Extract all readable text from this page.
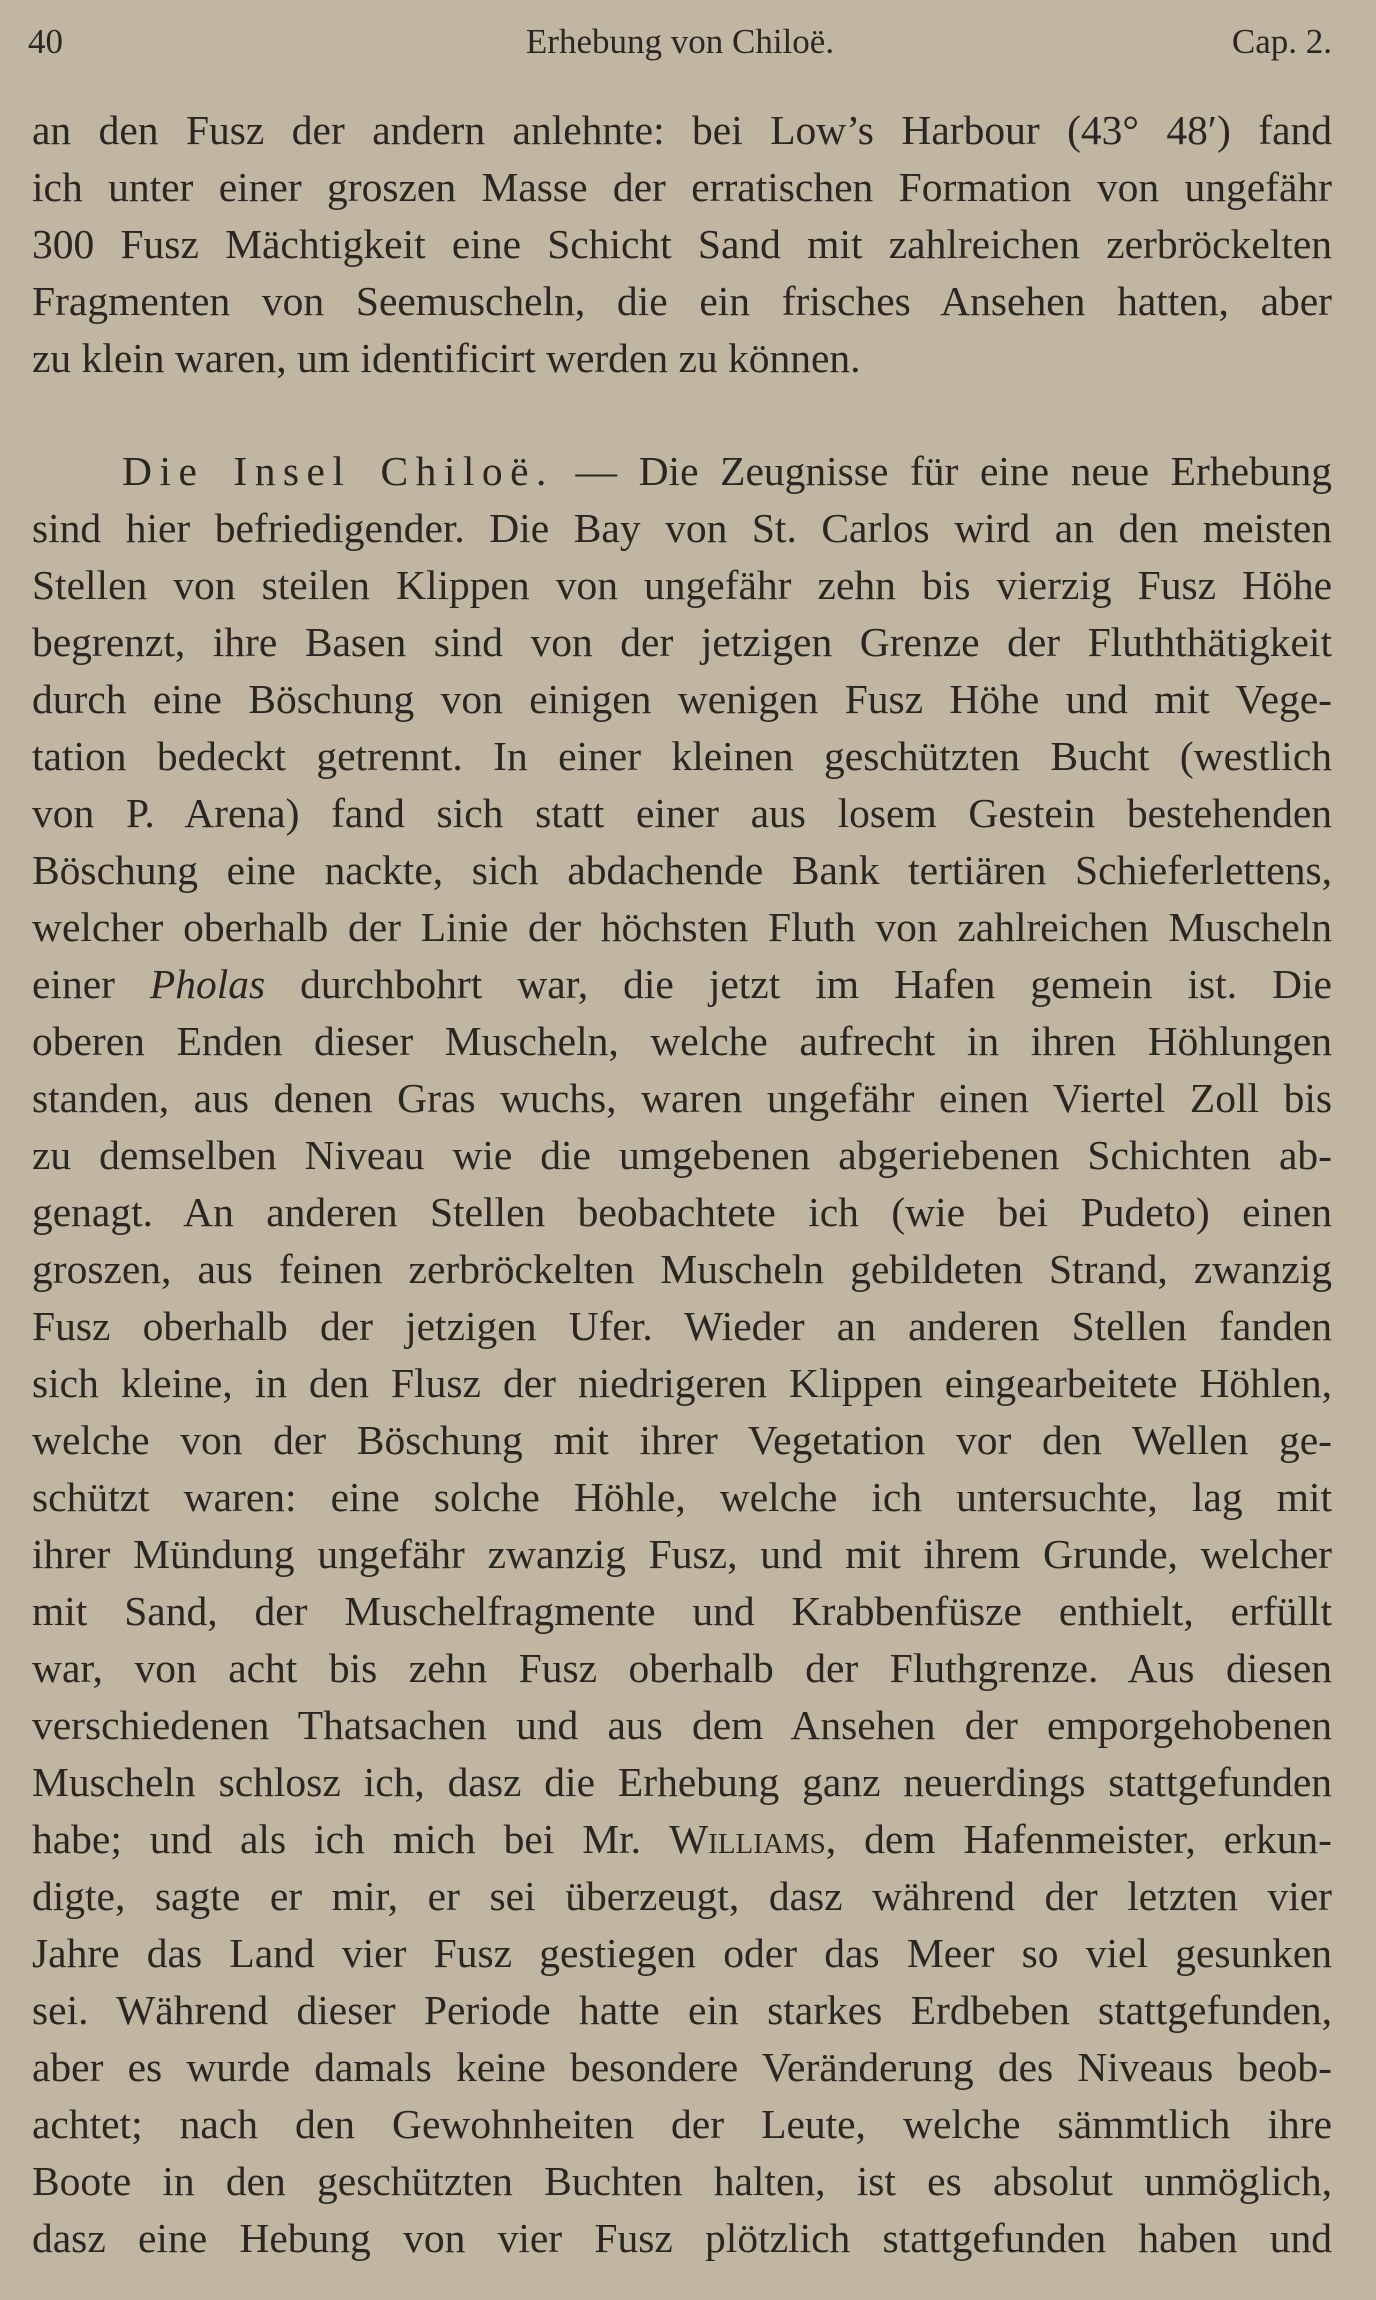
40	Erhebung von Chiloë.	Cap. 2.
an den Fusz der andern anlehnte: bei Low’s Harbour (43° 48′) fand
ich unter einer groszen Masse der erratischen Formation von ungefähr
300 Fusz Mächtigkeit eine Schicht Sand mit zahlreichen zerbröckelten
Fragmenten von Seemuscheln, die ein frisches Ansehen hatten, aber
zu klein waren, um identificirt werden zu können.
Die Insel Chiloë. — Die Zeugnisse für eine neue Erhebung
sind hier befriedigender. Die Bay von St. Carlos wird an den meisten
Stellen von steilen Klippen von ungefähr zehn bis vierzig Fusz Höhe
begrenzt, ihre Basen sind von der jetzigen Grenze der Fluththätigkeit
durch eine Böschung von einigen wenigen Fusz Höhe und mit Vege-
tation bedeckt getrennt. In einer kleinen geschützten Bucht (westlich
von P. Arena) fand sich statt einer aus losem Gestein bestehenden
Böschung eine nackte, sich abdachende Bank tertiären Schieferlettens,
welcher oberhalb der Linie der höchsten Fluth von zahlreichen Muscheln
einer Pholas durchbohrt war, die jetzt im Hafen gemein ist. Die
oberen Enden dieser Muscheln, welche aufrecht in ihren Höhlungen
standen, aus denen Gras wuchs, waren ungefähr einen Viertel Zoll bis
zu demselben Niveau wie die umgebenen abgeriebenen Schichten ab-
genagt. An anderen Stellen beobachtete ich (wie bei Pudeto) einen
groszen, aus feinen zerbröckelten Muscheln gebildeten Strand, zwanzig
Fusz oberhalb der jetzigen Ufer. Wieder an anderen Stellen fanden
sich kleine, in den Flusz der niedrigeren Klippen eingearbeitete Höhlen,
welche von der Böschung mit ihrer Vegetation vor den Wellen ge-
schützt waren: eine solche Höhle, welche ich untersuchte, lag mit
ihrer Mündung ungefähr zwanzig Fusz, und mit ihrem Grunde, welcher
mit Sand, der Muschelfragmente und Krabbenfüsze enthielt, erfüllt
war, von acht bis zehn Fusz oberhalb der Fluthgrenze. Aus diesen
verschiedenen Thatsachen und aus dem Ansehen der emporgehobenen
Muscheln schlosz ich, dasz die Erhebung ganz neuerdings stattgefunden
habe; und als ich mich bei Mr. Williams, dem Hafenmeister, erkun-
digte, sagte er mir, er sei überzeugt, dasz während der letzten vier
Jahre das Land vier Fusz gestiegen oder das Meer so viel gesunken
sei. Während dieser Periode hatte ein starkes Erdbeben stattgefunden,
aber es wurde damals keine besondere Veränderung des Niveaus beob-
achtet; nach den Gewohnheiten der Leute, welche sämmtlich ihre
Boote in den geschützten Buchten halten, ist es absolut unmöglich,
dasz eine Hebung von vier Fusz plötzlich stattgefunden haben und
